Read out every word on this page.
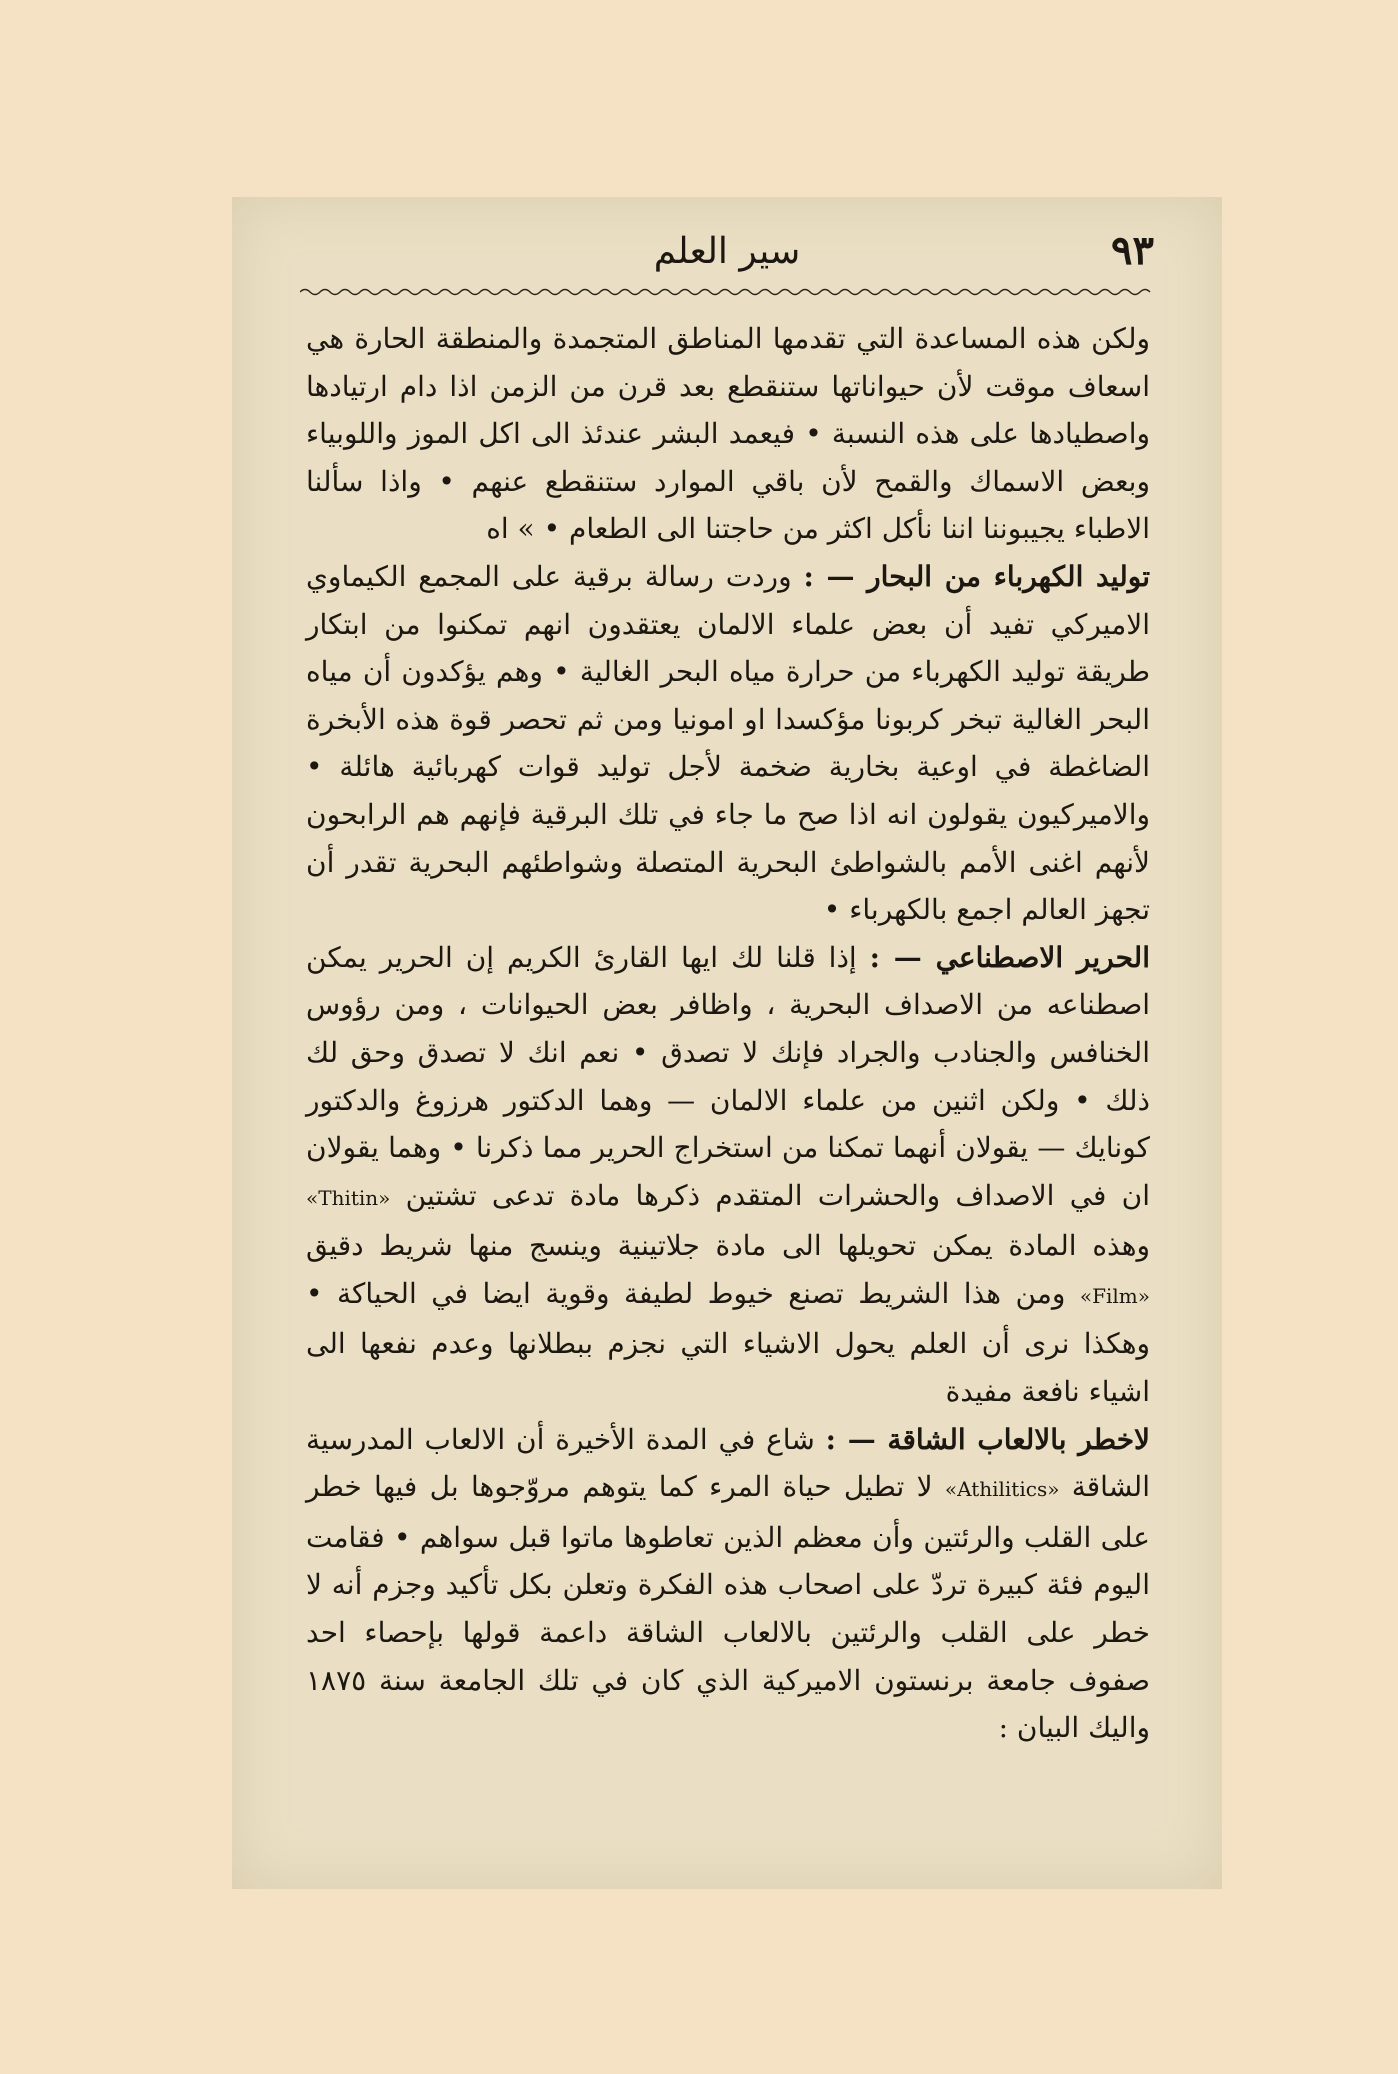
٩٣
سير العلم

ولكن هذه المساعدة التي تقدمها المناطق المتجمدة والمنطقة الحارة هي اسعاف موقت لأن حيواناتها ستنقطع بعد قرن من الزمن اذا دام ارتيادها واصطيادها على هذه النسبة • فيعمد البشر عندئذ الى اكل الموز واللوبياء وبعض الاسماك والقمح لأن باقي الموارد ستنقطع عنهم • واذا سألنا الاطباء يجيبوننا اننا نأكل اكثر من حاجتنا الى الطعام • » اه

توليد الكهرباء من البحار — : وردت رسالة برقية على المجمع الكيماوي الاميركي تفيد أن بعض علماء الالمان يعتقدون انهم تمكنوا من ابتكار طريقة توليد الكهرباء من حرارة مياه البحر الغالية • وهم يؤكدون أن مياه البحر الغالية تبخر كربونا مؤكسدا او امونيا ومن ثم تحصر قوة هذه الأبخرة الضاغطة في اوعية بخارية ضخمة لأجل توليد قوات كهربائية هائلة • والاميركيون يقولون انه اذا صح ما جاء في تلك البرقية فإنهم هم الرابحون لأنهم اغنى الأمم بالشواطئ البحرية المتصلة وشواطئهم البحرية تقدر أن تجهز العالم اجمع بالكهرباء •

الحرير الاصطناعي — : إذا قلنا لك ايها القارئ الكريم إن الحرير يمكن اصطناعه من الاصداف البحرية ، واظافر بعض الحيوانات ، ومن رؤوس الخنافس والجنادب والجراد فإنك لا تصدق • نعم انك لا تصدق وحق لك ذلك • ولكن اثنين من علماء الالمان — وهما الدكتور هرزوغ والدكتور كونايك — يقولان أنهما تمكنا من استخراج الحرير مما ذكرنا • وهما يقولان ان في الاصداف والحشرات المتقدم ذكرها مادة تدعى تشتين «Thitin» وهذه المادة يمكن تحويلها الى مادة جلاتينية وينسج منها شريط دقيق «Film» ومن هذا الشريط تصنع خيوط لطيفة وقوية ايضا في الحياكة • وهكذا نرى أن العلم يحول الاشياء التي نجزم ببطلانها وعدم نفعها الى اشياء نافعة مفيدة

لاخطر بالالعاب الشاقة — : شاع في المدة الأخيرة أن الالعاب المدرسية الشاقة «Athilitics» لا تطيل حياة المرء كما يتوهم مروّجوها بل فيها خطر على القلب والرئتين وأن معظم الذين تعاطوها ماتوا قبل سواهم • فقامت اليوم فئة كبيرة تردّ على اصحاب هذه الفكرة وتعلن بكل تأكيد وجزم أنه لا خطر على القلب والرئتين بالالعاب الشاقة داعمة قولها بإحصاء احد صفوف جامعة برنستون الاميركية الذي كان في تلك الجامعة سنة ١٨٧٥ واليك البيان :
